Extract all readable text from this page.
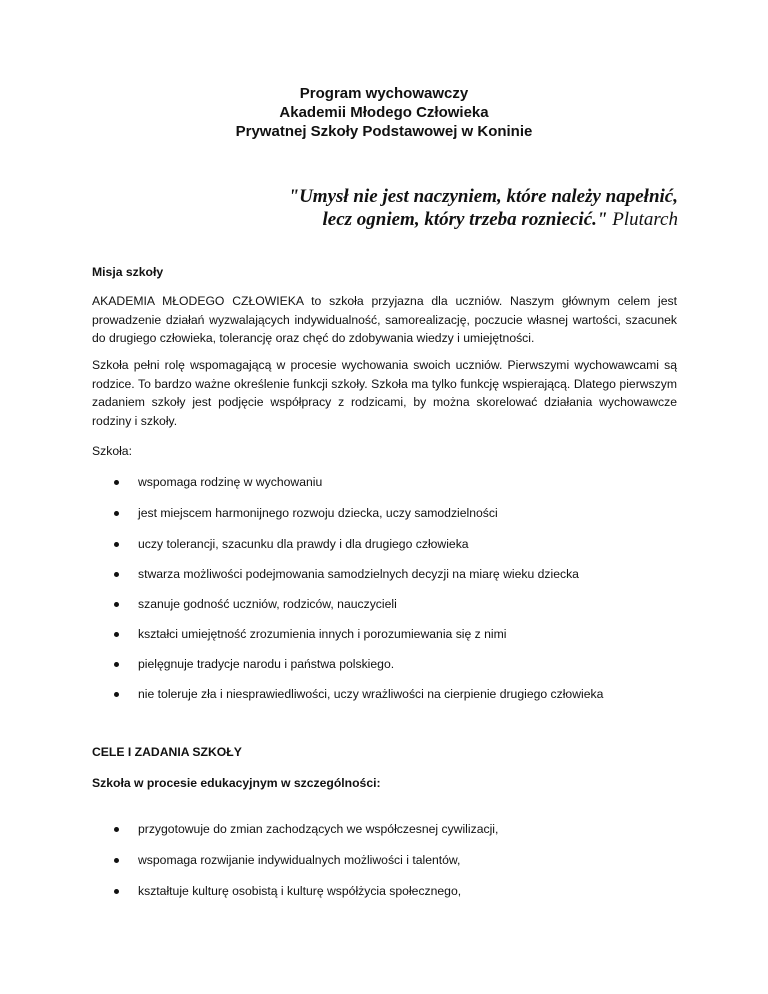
Program wychowawczy
Akademii Młodego Człowieka
Prywatnej Szkoły Podstawowej w Koninie
"Umysł nie jest naczyniem, które należy napełnić,
lecz ogniem, który trzeba rozniecić." Plutarch
Misja szkoły
AKADEMIA MŁODEGO CZŁOWIEKA to szkoła przyjazna dla uczniów. Naszym głównym celem jest prowadzenie działań wyzwalających indywidualność, samorealizację, poczucie własnej wartości, szacunek do drugiego człowieka, tolerancję oraz chęć do zdobywania wiedzy i umiejętności.
Szkoła pełni rolę wspomagającą w procesie wychowania swoich uczniów. Pierwszymi wychowawcami są rodzice. To bardzo ważne określenie funkcji szkoły. Szkoła ma tylko funkcję wspierającą. Dlatego pierwszym zadaniem szkoły jest podjęcie współpracy z rodzicami, by można skorelować działania wychowawcze rodziny i szkoły.
Szkoła:
wspomaga rodzinę w wychowaniu
jest miejscem harmonijnego rozwoju dziecka, uczy samodzielności
uczy tolerancji, szacunku dla prawdy i dla drugiego człowieka
stwarza możliwości podejmowania samodzielnych decyzji na miarę wieku dziecka
szanuje godność uczniów, rodziców, nauczycieli
kształci umiejętność zrozumienia innych i porozumiewania się z nimi
pielęgnuje tradycje narodu i państwa polskiego.
nie toleruje zła i niesprawiedliwości, uczy wrażliwości na cierpienie drugiego człowieka
CELE I ZADANIA SZKOŁY
Szkoła w procesie edukacyjnym w szczególności:
przygotowuje do zmian zachodzących we współczesnej cywilizacji,
wspomaga rozwijanie indywidualnych możliwości i talentów,
kształtuje kulturę osobistą i kulturę współżycia społecznego,
